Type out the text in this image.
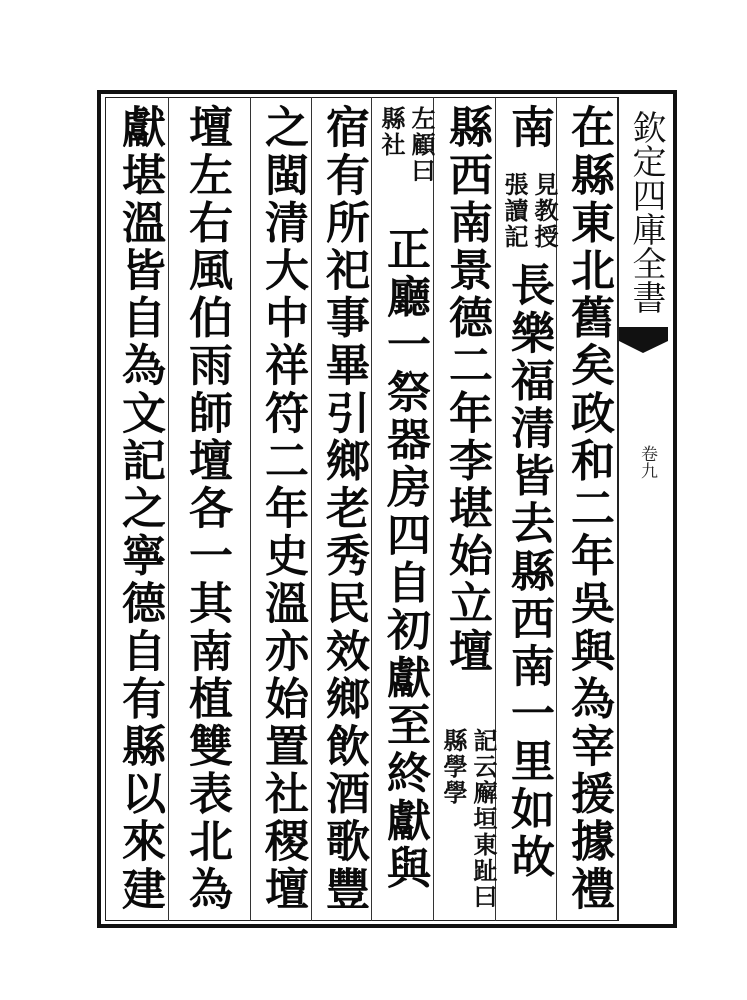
欽定四庫全書
卷九
在縣東北舊矣政和二年吳與為宰援據禮
南
見教授張讀記
長樂福清皆去縣西南一里如故
縣西南景德二年李堪始立壇
記云廨垣東趾曰縣學學
左顧曰縣社
正廳一祭器房四自初獻至終獻與
宿有所祀事畢引鄉老秀民效鄉飲酒歌豐
之閩清大中祥符二年史溫亦始置社稷壇
壇左右風伯雨師壇各一其南植雙表北為
獻堪溫皆自為文記之寧德自有縣以來建
